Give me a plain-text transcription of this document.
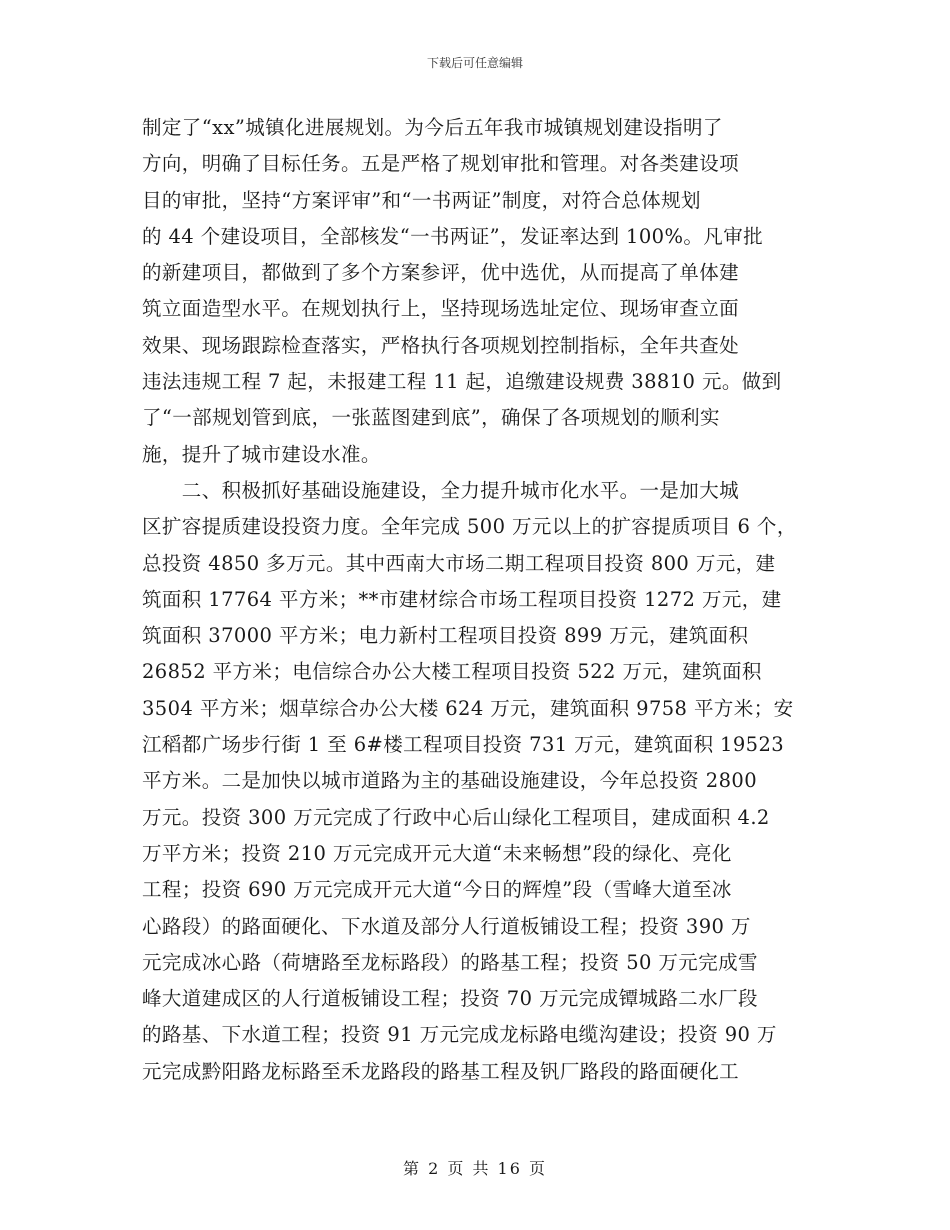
下载后可任意编辑
制定了“xx”城镇化进展规划。为今后五年我市城镇规划建设指明了
方向，明确了目标任务。五是严格了规划审批和管理。对各类建设项
目的审批，坚持“方案评审”和“一书两证”制度，对符合总体规划
的 44 个建设项目，全部核发“一书两证”，发证率达到 100%。凡审批
的新建项目，都做到了多个方案参评，优中选优，从而提高了单体建
筑立面造型水平。在规划执行上，坚持现场选址定位、现场审查立面
效果、现场跟踪检查落实，严格执行各项规划控制指标，全年共查处
违法违规工程 7 起，未报建工程 11 起，追缴建设规费 38810 元。做到
了“一部规划管到底，一张蓝图建到底”，确保了各项规划的顺利实
施，提升了城市建设水准。
　　二、积极抓好基础设施建设，全力提升城市化水平。一是加大城
区扩容提质建设投资力度。全年完成 500 万元以上的扩容提质项目 6 个，
总投资 4850 多万元。其中西南大市场二期工程项目投资 800 万元，建
筑面积 17764 平方米；**市建材综合市场工程项目投资 1272 万元，建
筑面积 37000 平方米；电力新村工程项目投资 899 万元，建筑面积
26852 平方米；电信综合办公大楼工程项目投资 522 万元，建筑面积
3504 平方米；烟草综合办公大楼 624 万元，建筑面积 9758 平方米；安
江稻都广场步行街 1 至 6#楼工程项目投资 731 万元，建筑面积 19523
平方米。二是加快以城市道路为主的基础设施建设，今年总投资 2800
万元。投资 300 万元完成了行政中心后山绿化工程项目，建成面积 4.2
万平方米；投资 210 万元完成开元大道“未来畅想”段的绿化、亮化
工程；投资 690 万元完成开元大道“今日的辉煌”段（雪峰大道至冰
心路段）的路面硬化、下水道及部分人行道板铺设工程；投资 390 万
元完成冰心路（荷塘路至龙标路段）的路基工程；投资 50 万元完成雪
峰大道建成区的人行道板铺设工程；投资 70 万元完成镡城路二水厂段
的路基、下水道工程；投资 91 万元完成龙标路电缆沟建设；投资 90 万
元完成黔阳路龙标路至禾龙路段的路基工程及钒厂路段的路面硬化工
第 2 页 共 16 页
